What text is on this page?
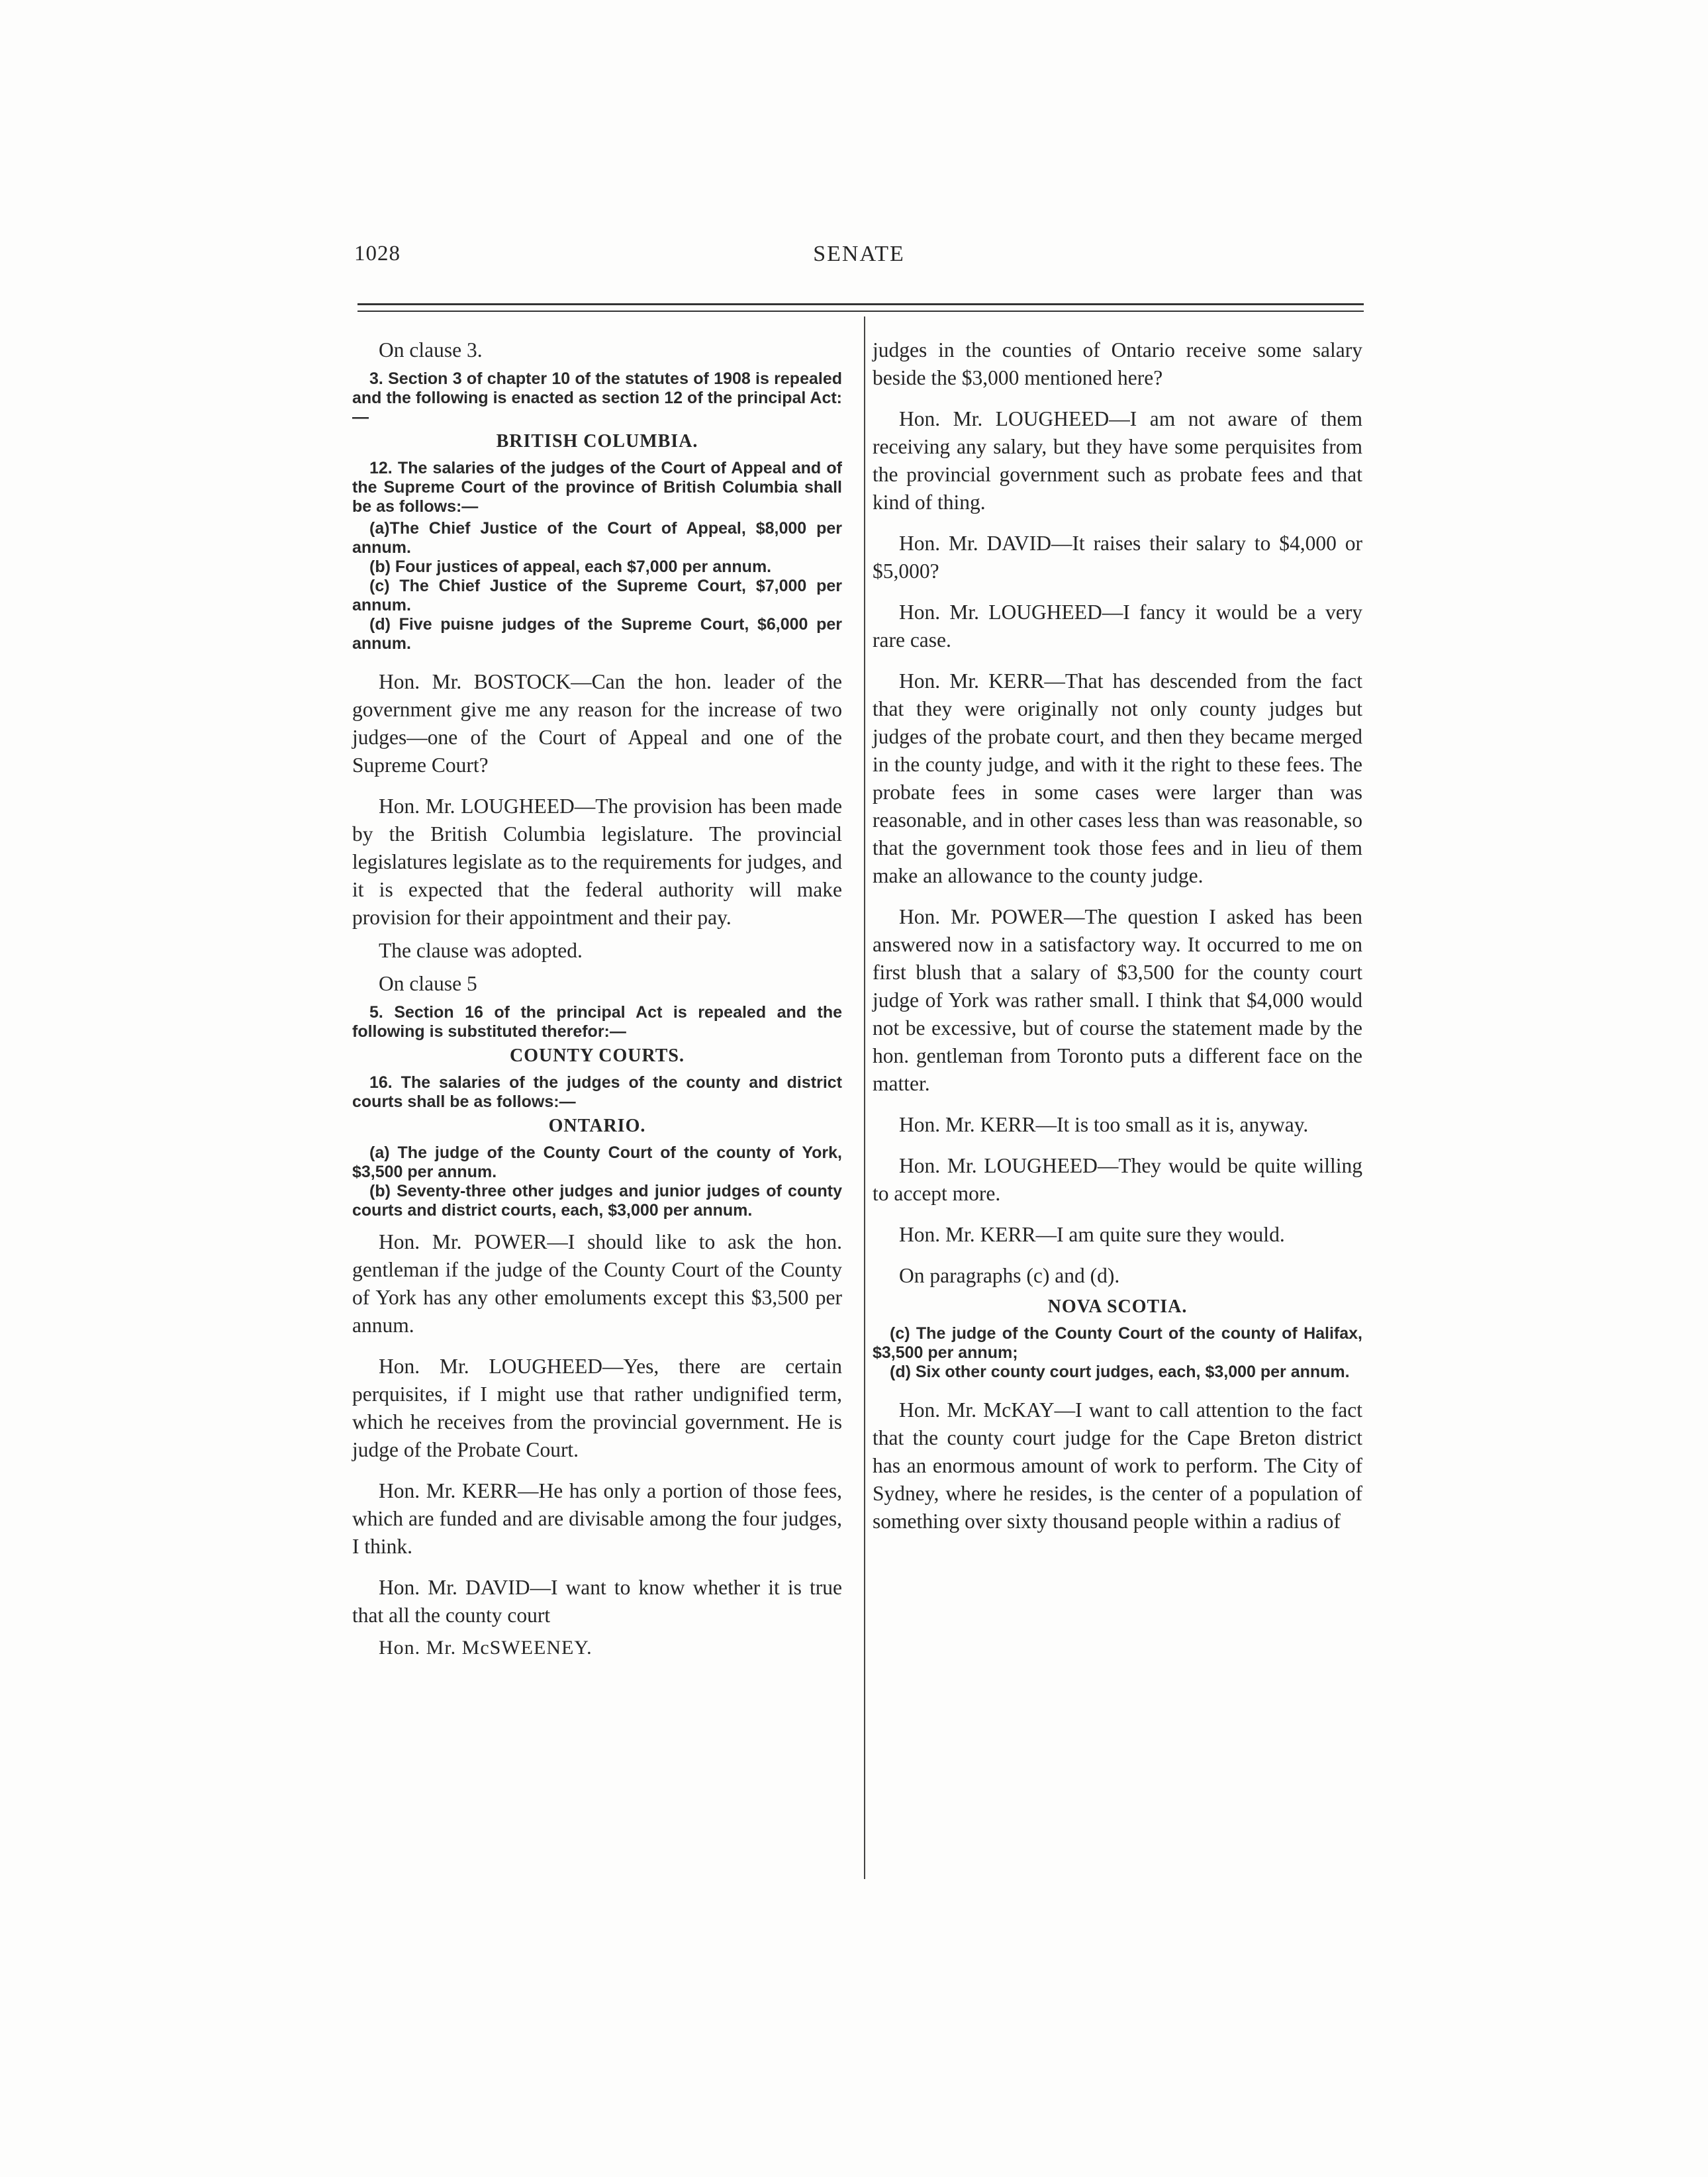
1028	SENATE

On clause 3.

3. Section 3 of chapter 10 of the statutes of 1908 is repealed and the following is enacted as section 12 of the principal Act:—

BRITISH COLUMBIA.

12. The salaries of the judges of the Court of Appeal and of the Supreme Court of the province of British Columbia shall be as follows:—

(a)The Chief Justice of the Court of Appeal, $8,000 per annum.

(b) Four justices of appeal, each $7,000 per annum.

(c) The Chief Justice of the Supreme Court, $7,000 per annum.

(d) Five puisne judges of the Supreme Court, $6,000 per annum.

Hon. Mr. BOSTOCK—Can the hon. leader of the government give me any reason for the increase of two judges—one of the Court of Appeal and one of the Supreme Court?

Hon. Mr. LOUGHEED—The provision has been made by the British Columbia legislature. The provincial legislatures legislate as to the requirements for judges, and it is expected that the federal authority will make provision for their appointment and their pay.

The clause was adopted.

On clause 5

5. Section 16 of the principal Act is repealed and the following is substituted therefor:—

COUNTY COURTS.

16. The salaries of the judges of the county and district courts shall be as follows:—

ONTARIO.

(a) The judge of the County Court of the county of York, $3,500 per annum.

(b) Seventy-three other judges and junior judges of county courts and district courts, each, $3,000 per annum.

Hon. Mr. POWER—I should like to ask the hon. gentleman if the judge of the County Court of the County of York has any other emoluments except this $3,500 per annum.

Hon. Mr. LOUGHEED—Yes, there are certain perquisites, if I might use that rather undignified term, which he receives from the provincial government. He is judge of the Probate Court.

Hon. Mr. KERR—He has only a portion of those fees, which are funded and are divisable among the four judges, I think.

Hon. Mr. DAVID—I want to know whether it is true that all the county court

Hon. Mr. McSWEENEY.

judges in the counties of Ontario receive some salary beside the $3,000 mentioned here?

Hon. Mr. LOUGHEED—I am not aware of them receiving any salary, but they have some perquisites from the provincial government such as probate fees and that kind of thing.

Hon. Mr. DAVID—It raises their salary to $4,000 or $5,000?

Hon. Mr. LOUGHEED—I fancy it would be a very rare case.

Hon. Mr. KERR—That has descended from the fact that they were originally not only county judges but judges of the probate court, and then they became merged in the county judge, and with it the right to these fees. The probate fees in some cases were larger than was reasonable, and in other cases less than was reasonable, so that the government took those fees and in lieu of them make an allowance to the county judge.

Hon. Mr. POWER—The question I asked has been answered now in a satisfactory way. It occurred to me on first blush that a salary of $3,500 for the county court judge of York was rather small. I think that $4,000 would not be excessive, but of course the statement made by the hon. gentleman from Toronto puts a different face on the matter.

Hon. Mr. KERR—It is too small as it is, anyway.

Hon. Mr. LOUGHEED—They would be quite willing to accept more.

Hon. Mr. KERR—I am quite sure they would.

On paragraphs (c) and (d).

NOVA SCOTIA.

(c) The judge of the County Court of the county of Halifax, $3,500 per annum;

(d) Six other county court judges, each, $3,000 per annum.

Hon. Mr. McKAY—I want to call attention to the fact that the county court judge for the Cape Breton district has an enormous amount of work to perform. The City of Sydney, where he resides, is the center of a population of something over sixty thousand people within a radius of
